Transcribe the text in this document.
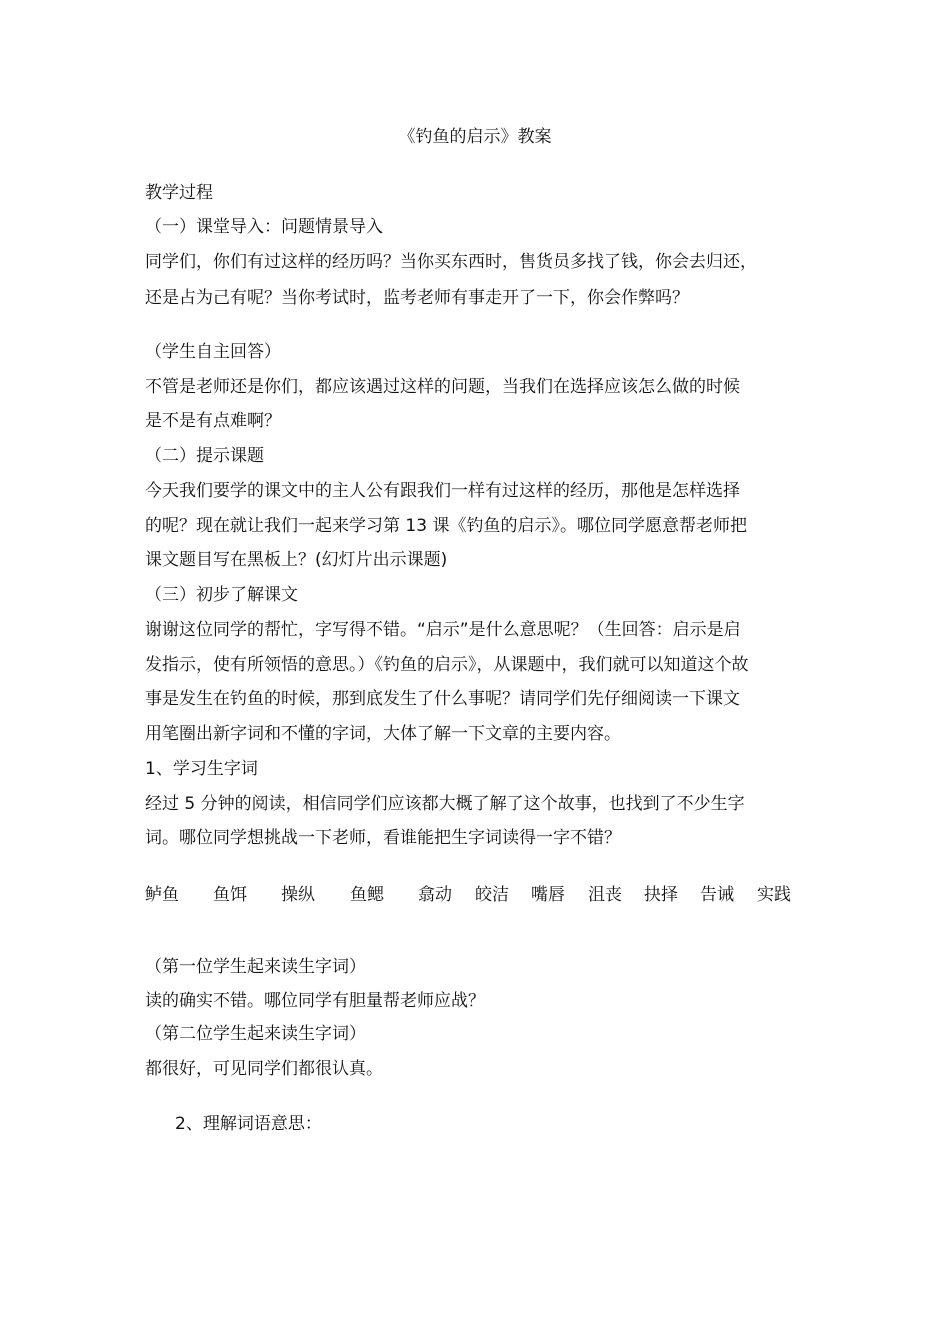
《钓鱼的启示》教案
教学过程
（一）课堂导入：问题情景导入
同学们，你们有过这样的经历吗？当你买东西时，售货员多找了钱，你会去归还，
还是占为己有呢？当你考试时，监考老师有事走开了一下，你会作弊吗？
（学生自主回答）
不管是老师还是你们，都应该遇过这样的问题，当我们在选择应该怎么做的时候
是不是有点难啊？
（二）提示课题
今天我们要学的课文中的主人公有跟我们一样有过这样的经历，那他是怎样选择
的呢？现在就让我们一起来学习第 13 课《钓鱼的启示》。哪位同学愿意帮老师把
课文题目写在黑板上？(幻灯片出示课题)
（三）初步了解课文
谢谢这位同学的帮忙，字写得不错。“启示”是什么意思呢？（生回答：启示是启
发指示，使有所领悟的意思。）《钓鱼的启示》，从课题中，我们就可以知道这个故
事是发生在钓鱼的时候，那到底发生了什么事呢？请同学们先仔细阅读一下课文
用笔圈出新字词和不懂的字词，大体了解一下文章的主要内容。
1、学习生字词
经过 5 分钟的阅读，相信同学们应该都大概了解了这个故事，也找到了不少生字
词。哪位同学想挑战一下老师，看谁能把生字词读得一字不错？
鲈鱼 鱼饵 操纵 鱼鳃 翕动 皎洁 嘴唇 沮丧 抉择 告诫 实践
（第一位学生起来读生字词）
读的确实不错。哪位同学有胆量帮老师应战？
（第二位学生起来读生字词）
都很好，可见同学们都很认真。
2、理解词语意思：
